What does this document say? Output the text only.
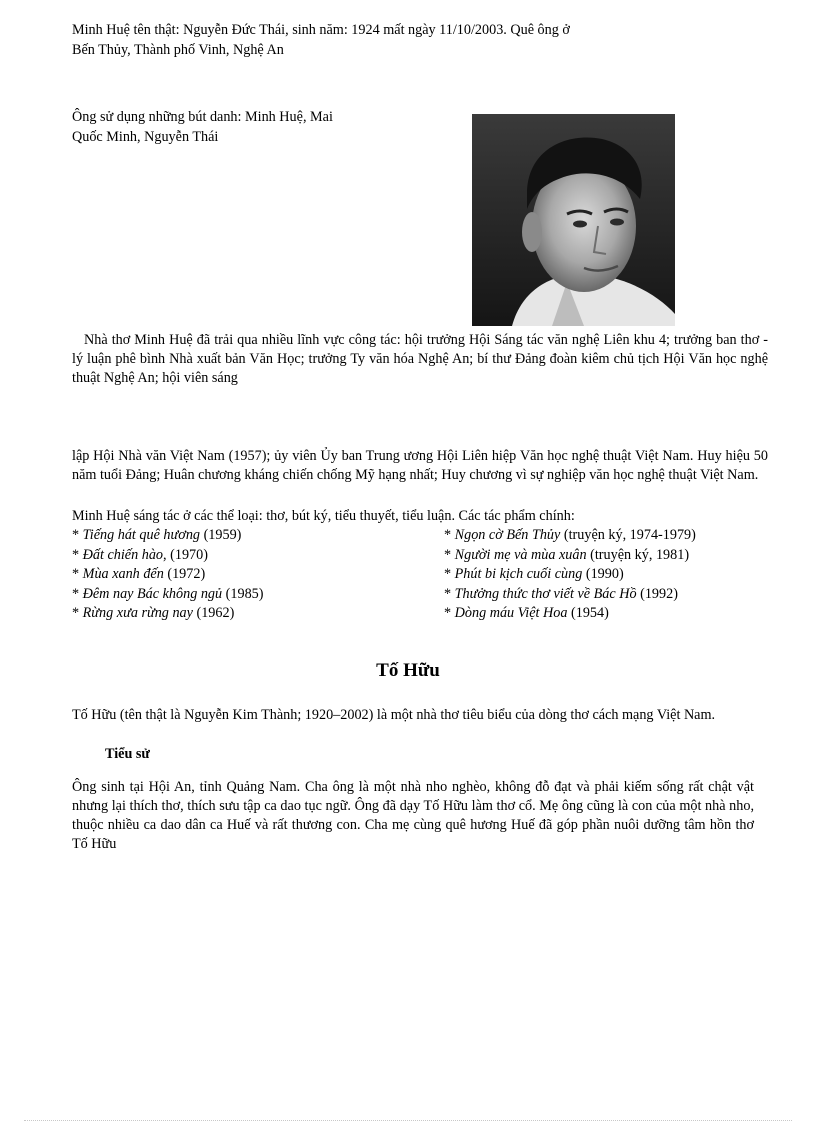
Minh Huệ tên thật: Nguyễn Đức Thái, sinh năm: 1924 mất ngày 11/10/2003. Quê ông ở

Bến Thủy, Thành phố Vinh, Nghệ An

Ông sử dụng những bút danh: Minh Huệ, Mai

Quốc Minh, Nguyễn Thái

Nhà thơ Minh Huệ đã trải qua nhiều lĩnh vực công tác: hội trưởng Hội Sáng tác văn nghệ Liên khu 4; trưởng ban thơ - lý luận phê bình Nhà xuất bản Văn Học; trưởng Ty văn hóa Nghệ An; bí thư Đảng đoàn kiêm chủ tịch Hội Văn học nghệ thuật Nghệ An; hội viên sáng

lập Hội Nhà văn Việt Nam (1957); ủy viên Ủy ban Trung ương Hội Liên hiệp Văn học nghệ thuật Việt Nam. Huy hiệu 50 năm tuổi Đảng; Huân chương kháng chiến chống Mỹ hạng nhất; Huy chương vì sự nghiệp văn học nghệ thuật Việt Nam.

Minh Huệ sáng tác ở các thể loại: thơ, bút ký, tiểu thuyết, tiểu luận. Các tác phẩm chính:

* Tiếng hát quê hương (1959)
* Đất chiến hào, (1970)
* Mùa xanh đến (1972)
* Đêm nay Bác không ngủ (1985)
* Rừng xưa rừng nay (1962)
* Ngọn cờ Bến Thủy (truyện ký, 1974-1979)
* Người mẹ và mùa xuân (truyện ký, 1981)
* Phút bi kịch cuối cùng (1990)
* Thưởng thức thơ viết về Bác Hồ (1992)
* Dòng máu Việt Hoa (1954)
Tố Hữu

Tố Hữu (tên thật là Nguyễn Kim Thành; 1920–2002) là một nhà thơ tiêu biểu của dòng thơ cách mạng Việt Nam.

Tiểu sử

Ông sinh tại Hội An, tỉnh Quảng Nam. Cha ông là một nhà nho nghèo, không đỗ đạt và phải kiếm sống rất chật vật nhưng lại thích thơ, thích sưu tập ca dao tục ngữ. Ông đã dạy Tố Hữu làm thơ cổ. Mẹ ông cũng là con của một nhà nho, thuộc nhiều ca dao dân ca Huế và rất thương con. Cha mẹ cùng quê hương Huế đã góp phần nuôi dưỡng tâm hồn thơ Tố Hữu
